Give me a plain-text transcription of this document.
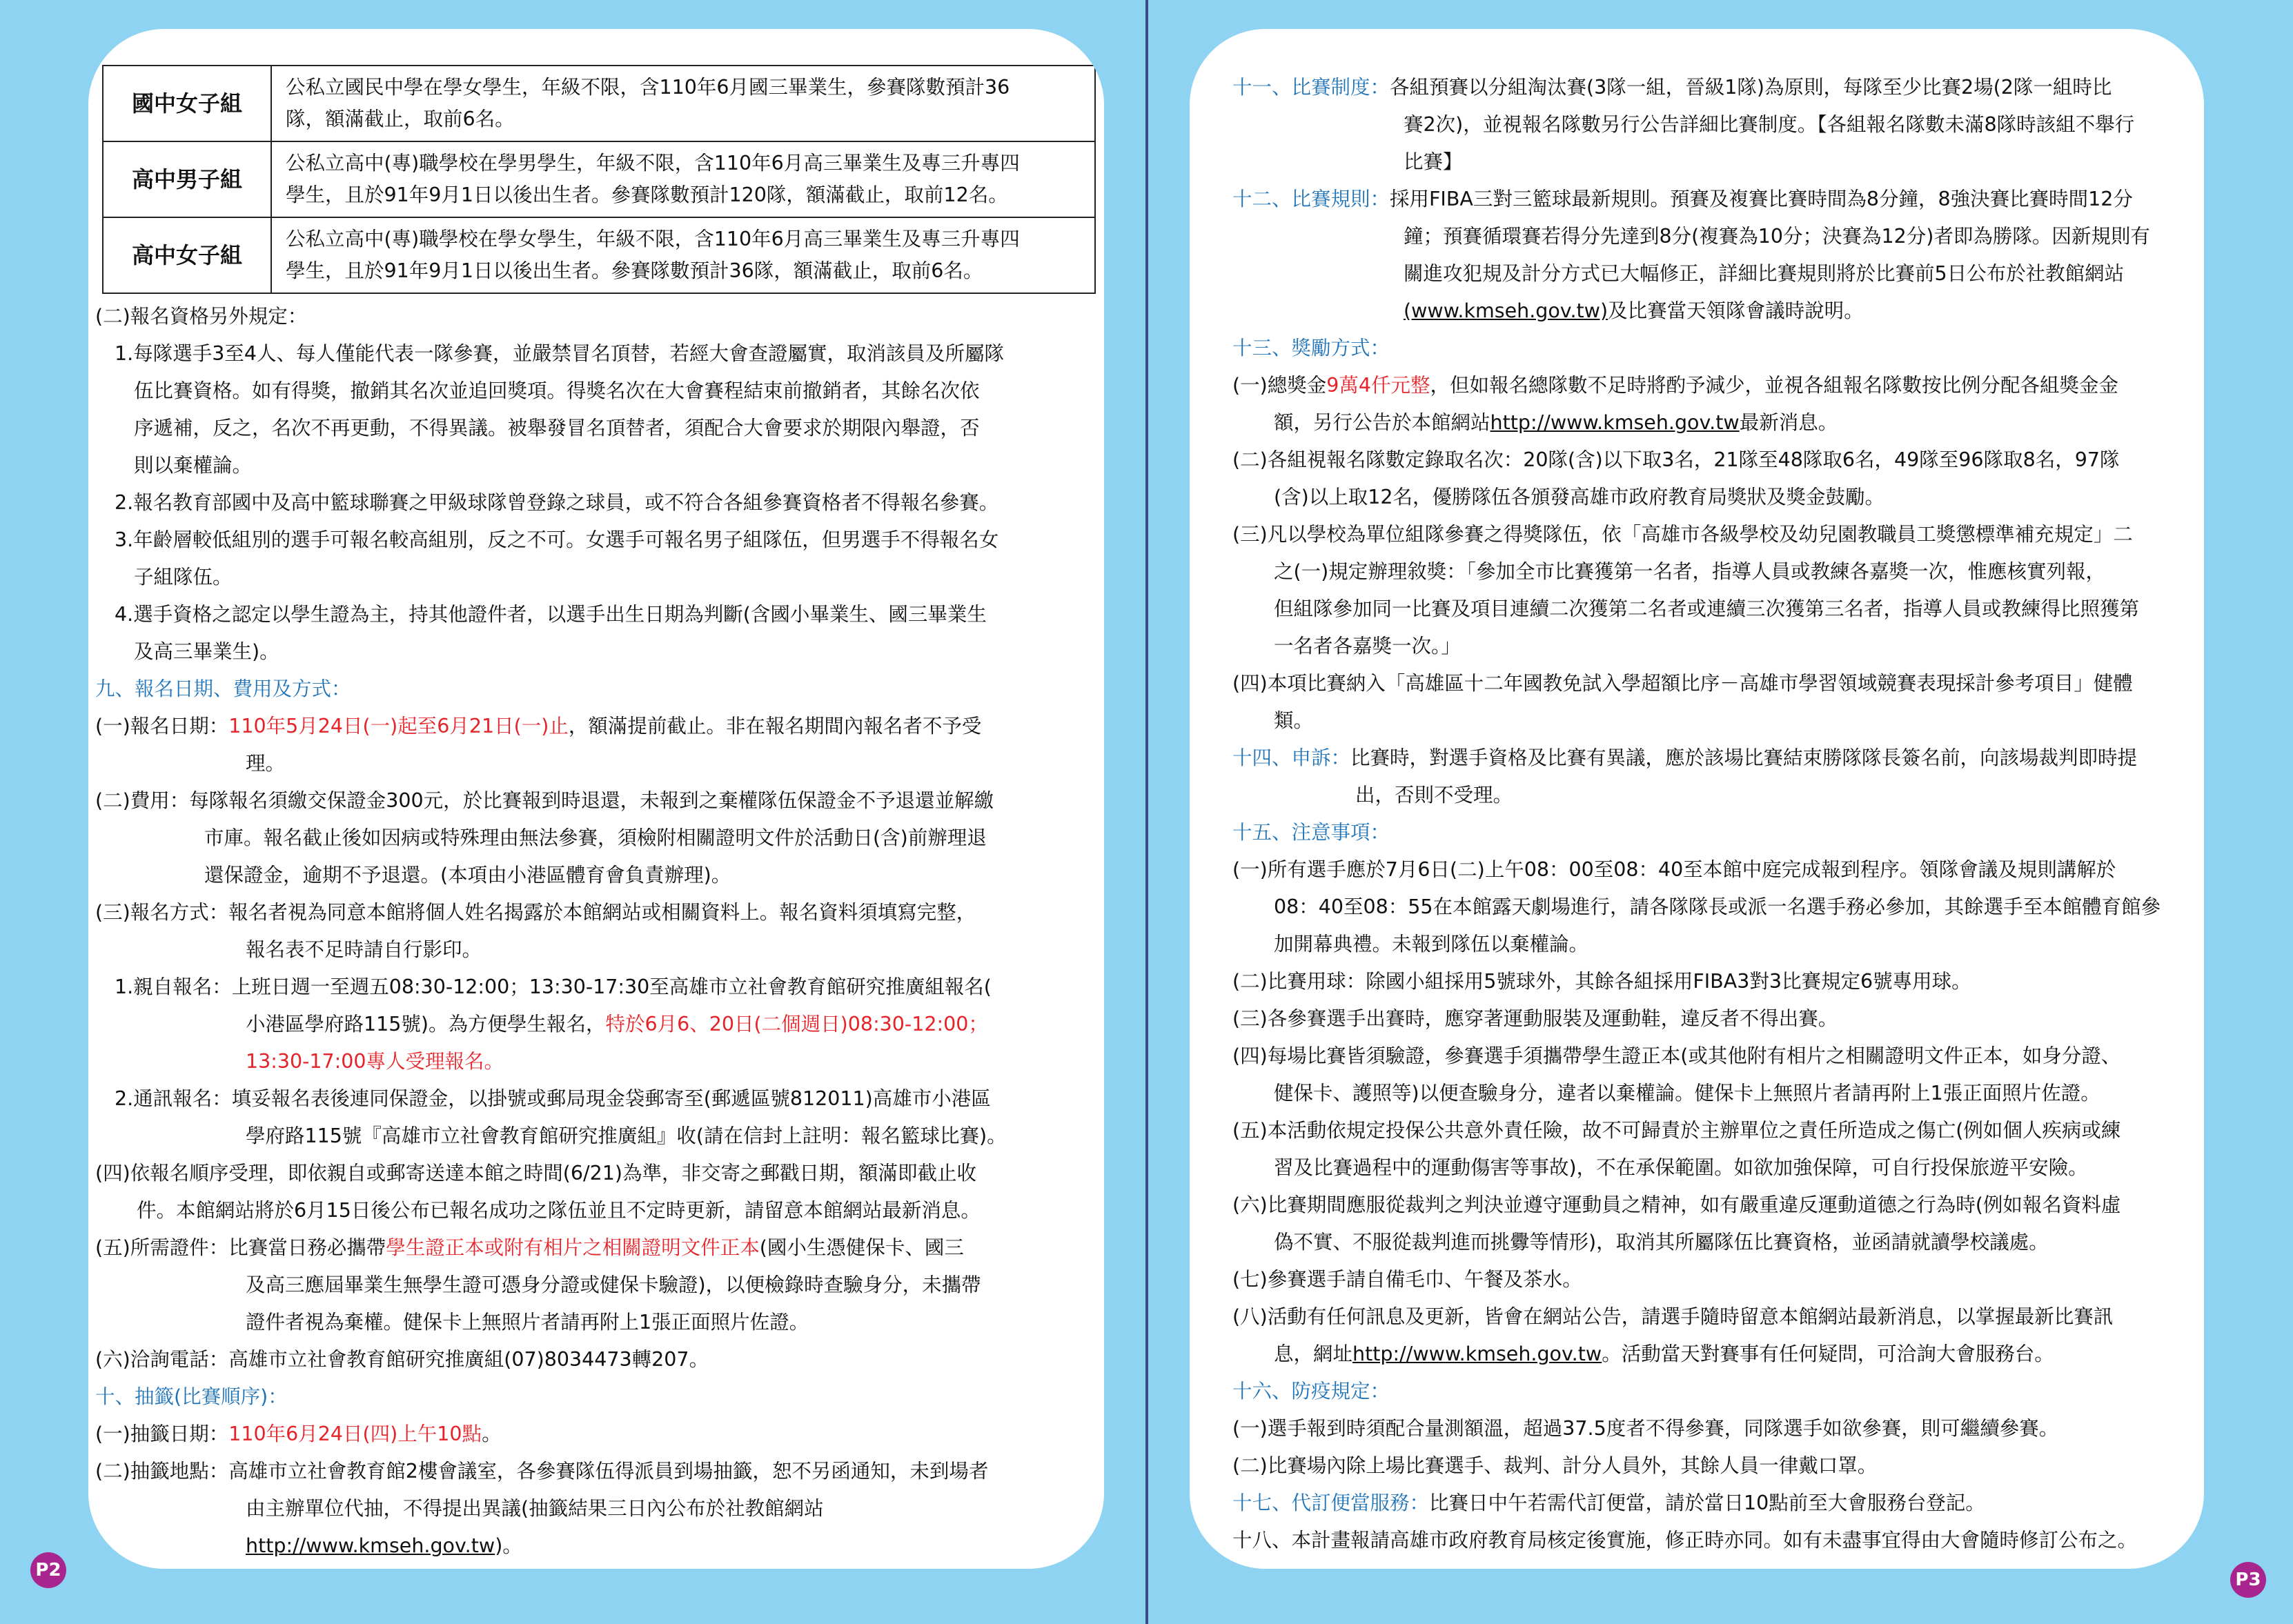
國中女子組	公私立國民中學在學女學生，年級不限，含110年6月國三畢業生，參賽隊數預計36
隊，額滿截止，取前6名。

高中男子組	公私立高中(專)職學校在學男學生，年級不限，含110年6月高三畢業生及專三升專四
學生，且於91年9月1日以後出生者。參賽隊數預計120隊，額滿截止，取前12名。

高中女子組	公私立高中(專)職學校在學女學生，年級不限，含110年6月高三畢業生及專三升專四
學生，且於91年9月1日以後出生者。參賽隊數預計36隊，額滿截止，取前6名。
(二)報名資格另外規定：
1.每隊選手3至4人、每人僅能代表一隊參賽，並嚴禁冒名頂替，若經大會查證屬實，取消該員及所屬隊
伍比賽資格。如有得獎，撤銷其名次並追回獎項。得獎名次在大會賽程結束前撤銷者，其餘名次依
序遞補，反之，名次不再更動，不得異議。被舉發冒名頂替者，須配合大會要求於期限內舉證，否
則以棄權論。
2.報名教育部國中及高中籃球聯賽之甲級球隊曾登錄之球員，或不符合各組參賽資格者不得報名參賽。
3.年齡層較低組別的選手可報名較高組別，反之不可。女選手可報名男子組隊伍，但男選手不得報名女
子組隊伍。
4.選手資格之認定以學生證為主，持其他證件者，以選手出生日期為判斷(含國小畢業生、國三畢業生
及高三畢業生)。
九、報名日期、費用及方式：
(一)報名日期：110年5月24日(一)起至6月21日(一)止，額滿提前截止。非在報名期間內報名者不予受
理。
(二)費用：每隊報名須繳交保證金300元，於比賽報到時退還，未報到之棄權隊伍保證金不予退還並解繳
市庫。報名截止後如因病或特殊理由無法參賽，須檢附相關證明文件於活動日(含)前辦理退
還保證金，逾期不予退還。(本項由小港區體育會負責辦理)。
(三)報名方式：報名者視為同意本館將個人姓名揭露於本館網站或相關資料上。報名資料須填寫完整，
報名表不足時請自行影印。
1.親自報名：上班日週一至週五08:30-12:00；13:30-17:30至高雄市立社會教育館研究推廣組報名(
小港區學府路115號)。為方便學生報名，特於6月6、20日(二個週日)08:30-12:00；
13:30-17:00專人受理報名。
2.通訊報名：填妥報名表後連同保證金，以掛號或郵局現金袋郵寄至(郵遞區號812011)高雄市小港區
學府路115號『高雄市立社會教育館研究推廣組』收(請在信封上註明：報名籃球比賽)。
(四)依報名順序受理，即依親自或郵寄送達本館之時間(6/21)為準，非交寄之郵戳日期，額滿即截止收
件。本館網站將於6月15日後公布已報名成功之隊伍並且不定時更新，請留意本館網站最新消息。
(五)所需證件：比賽當日務必攜帶學生證正本或附有相片之相關證明文件正本(國小生憑健保卡、國三
及高三應屆畢業生無學生證可憑身分證或健保卡驗證)，以便檢錄時查驗身分，未攜帶
證件者視為棄權。健保卡上無照片者請再附上1張正面照片佐證。
(六)洽詢電話：高雄市立社會教育館研究推廣組(07)8034473轉207。
十、抽籤(比賽順序)：
(一)抽籤日期：110年6月24日(四)上午10點。
(二)抽籤地點：高雄市立社會教育館2樓會議室，各參賽隊伍得派員到場抽籤，恕不另函通知，未到場者
由主辦單位代抽，不得提出異議(抽籤結果三日內公布於社教館網站
http://www.kmseh.gov.tw)。
P2
十一、比賽制度：各組預賽以分組淘汰賽(3隊一組，晉級1隊)為原則，每隊至少比賽2場(2隊一組時比
賽2次)，並視報名隊數另行公告詳細比賽制度。【各組報名隊數未滿8隊時該組不舉行
比賽】
十二、比賽規則：採用FIBA三對三籃球最新規則。預賽及複賽比賽時間為8分鐘，8強決賽比賽時間12分
鐘；預賽循環賽若得分先達到8分(複賽為10分；決賽為12分)者即為勝隊。因新規則有
關進攻犯規及計分方式已大幅修正，詳細比賽規則將於比賽前5日公布於社教館網站
(www.kmseh.gov.tw)及比賽當天領隊會議時說明。
十三、獎勵方式：
(一)總獎金9萬4仟元整，但如報名總隊數不足時將酌予減少，並視各組報名隊數按比例分配各組獎金金
額，另行公告於本館網站http://www.kmseh.gov.tw最新消息。
(二)各組視報名隊數定錄取名次：20隊(含)以下取3名，21隊至48隊取6名，49隊至96隊取8名，97隊
(含)以上取12名，優勝隊伍各頒發高雄市政府教育局獎狀及獎金鼓勵。
(三)凡以學校為單位組隊參賽之得獎隊伍，依「高雄市各級學校及幼兒園教職員工獎懲標準補充規定」二
之(一)規定辦理敘獎：「參加全市比賽獲第一名者，指導人員或教練各嘉獎一次，惟應核實列報，
但組隊參加同一比賽及項目連續二次獲第二名者或連續三次獲第三名者，指導人員或教練得比照獲第
一名者各嘉獎一次。」
(四)本項比賽納入「高雄區十二年國教免試入學超額比序－高雄市學習領域競賽表現採計參考項目」健體
類。
十四、申訴：比賽時，對選手資格及比賽有異議，應於該場比賽結束勝隊隊長簽名前，向該場裁判即時提
出，否則不受理。
十五、注意事項：
(一)所有選手應於7月6日(二)上午08：00至08：40至本館中庭完成報到程序。領隊會議及規則講解於
08：40至08：55在本館露天劇場進行，請各隊隊長或派一名選手務必參加，其餘選手至本館體育館參
加開幕典禮。未報到隊伍以棄權論。
(二)比賽用球：除國小組採用5號球外，其餘各組採用FIBA3對3比賽規定6號專用球。
(三)各參賽選手出賽時，應穿著運動服裝及運動鞋，違反者不得出賽。
(四)每場比賽皆須驗證，參賽選手須攜帶學生證正本(或其他附有相片之相關證明文件正本，如身分證、
健保卡、護照等)以便查驗身分，違者以棄權論。健保卡上無照片者請再附上1張正面照片佐證。
(五)本活動依規定投保公共意外責任險，故不可歸責於主辦單位之責任所造成之傷亡(例如個人疾病或練
習及比賽過程中的運動傷害等事故)，不在承保範圍。如欲加強保障，可自行投保旅遊平安險。
(六)比賽期間應服從裁判之判決並遵守運動員之精神，如有嚴重違反運動道德之行為時(例如報名資料虛
偽不實、不服從裁判進而挑釁等情形)，取消其所屬隊伍比賽資格，並函請就讀學校議處。
(七)參賽選手請自備毛巾、午餐及茶水。
(八)活動有任何訊息及更新，皆會在網站公告，請選手隨時留意本館網站最新消息，以掌握最新比賽訊
息，網址http://www.kmseh.gov.tw。活動當天對賽事有任何疑問，可洽詢大會服務台。
十六、防疫規定：
(一)選手報到時須配合量測額溫，超過37.5度者不得參賽，同隊選手如欲參賽，則可繼續參賽。
(二)比賽場內除上場比賽選手、裁判、計分人員外，其餘人員一律戴口罩。
十七、代訂便當服務：比賽日中午若需代訂便當，請於當日10點前至大會服務台登記。
十八、本計畫報請高雄市政府教育局核定後實施，修正時亦同。如有未盡事宜得由大會隨時修訂公布之。
P3
